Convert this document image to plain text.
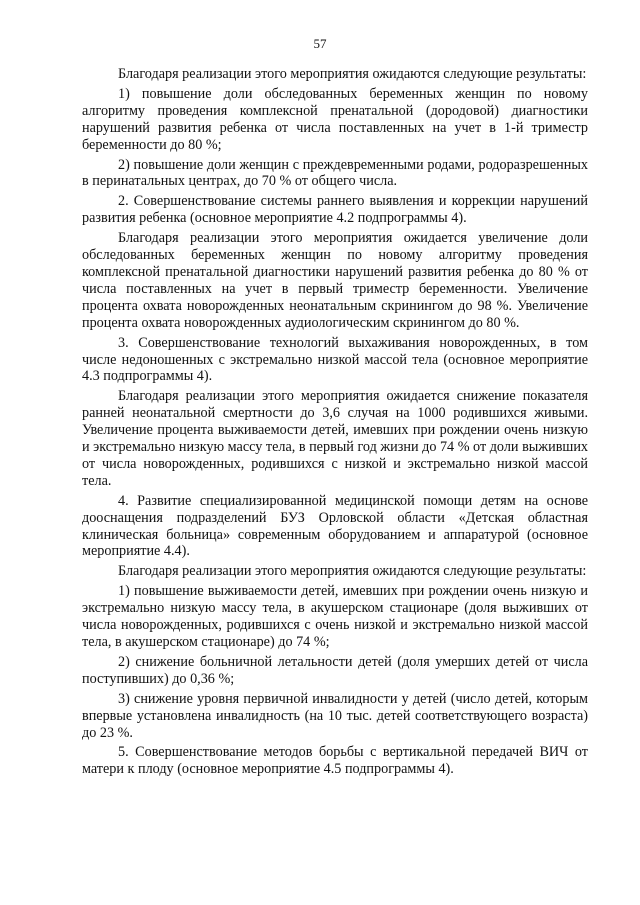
57

Благодаря реализации этого мероприятия ожидаются следующие результаты:

1) повышение доли обследованных беременных женщин по новому алгоритму проведения комплексной пренатальной (дородовой) диагностики нарушений развития ребенка от числа поставленных на учет в 1-й триместр беременности до 80 %;

2) повышение доли женщин с преждевременными родами, родоразрешенных в перинатальных центрах, до 70 % от общего числа.

2. Совершенствование системы раннего выявления и коррекции нарушений развития ребенка (основное мероприятие 4.2 подпрограммы 4).

Благодаря реализации этого мероприятия ожидается увеличение доли обследованных беременных женщин по новому алгоритму проведения комплексной пренатальной диагностики нарушений развития ребенка до 80 % от числа поставленных на учет в первый триместр беременности. Увеличение процента охвата новорожденных неонатальным скринингом до 98 %. Увеличение процента охвата новорожденных аудиологическим скринингом до 80 %.

3. Совершенствование технологий выхаживания новорожденных, в том числе недоношенных с экстремально низкой массой тела (основное мероприятие 4.3 подпрограммы 4).

Благодаря реализации этого мероприятия ожидается снижение показателя ранней неонатальной смертности до 3,6 случая на 1000 родившихся живыми. Увеличение процента выживаемости детей, имевших при рождении очень низкую и экстремально низкую массу тела, в первый год жизни до 74 % от доли выживших от числа новорожденных, родившихся с низкой и экстремально низкой массой тела.

4. Развитие специализированной медицинской помощи детям на основе дооснащения подразделений БУЗ Орловской области «Детская областная клиническая больница» современным оборудованием и аппаратурой (основное мероприятие 4.4).

Благодаря реализации этого мероприятия ожидаются следующие результаты:

1) повышение выживаемости детей, имевших при рождении очень низкую и экстремально низкую массу тела, в акушерском стационаре (доля выживших от числа новорожденных, родившихся с очень низкой и экстремально низкой массой тела, в акушерском стационаре) до 74 %;

2) снижение больничной летальности детей (доля умерших детей от числа поступивших) до 0,36 %;

3) снижение уровня первичной инвалидности у детей (число детей, которым впервые установлена инвалидность (на 10 тыс. детей соответствующего возраста) до 23 %.

5. Совершенствование методов борьбы с вертикальной передачей ВИЧ от матери к плоду (основное мероприятие 4.5 подпрограммы 4).
